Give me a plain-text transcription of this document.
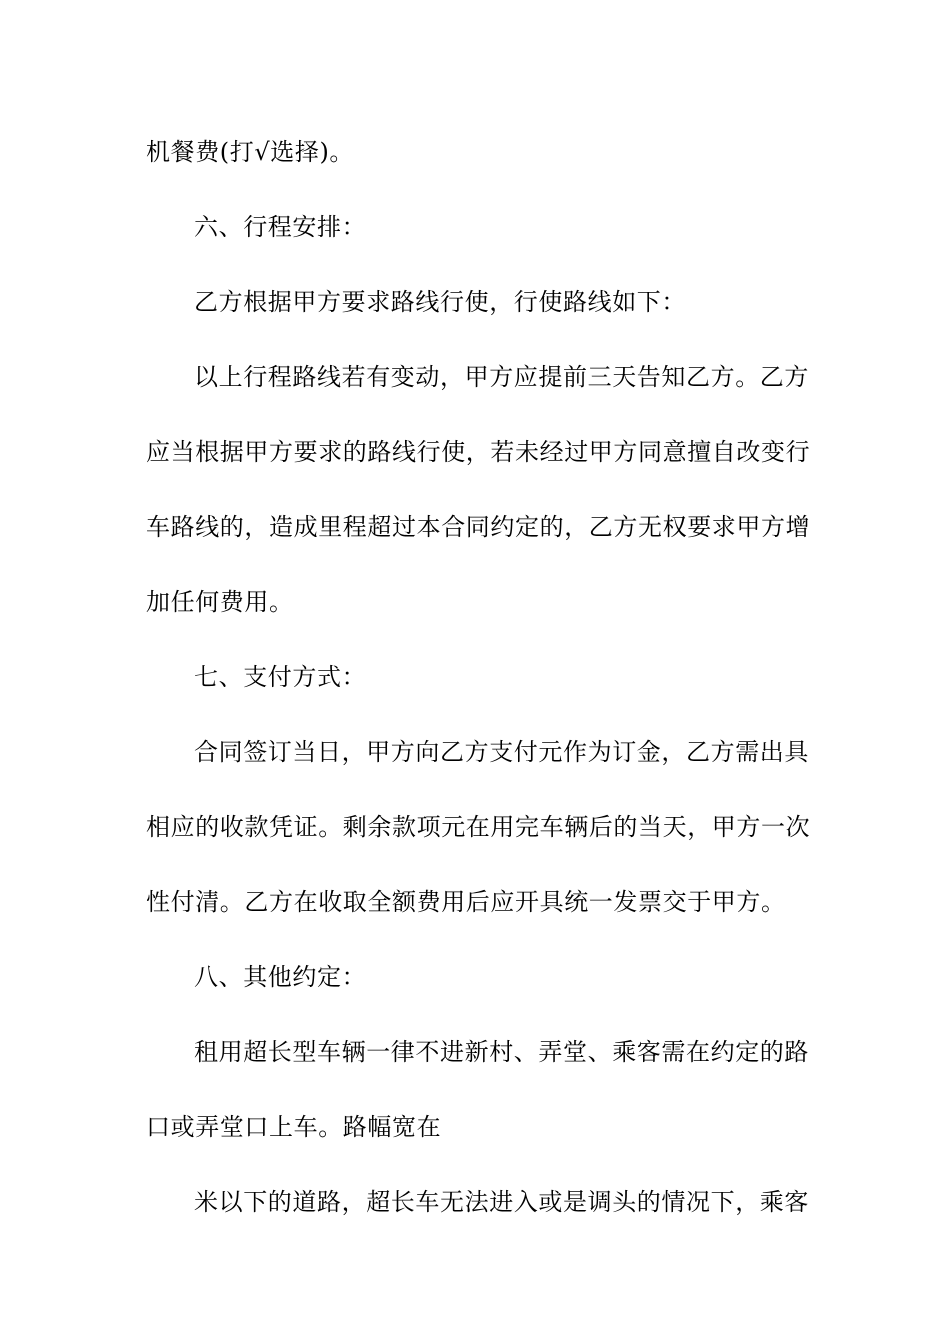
机餐费(打√选择)。
六、行程安排：
乙方根据甲方要求路线行使，行使路线如下：
以上行程路线若有变动，甲方应提前三天告知乙方。乙方
应当根据甲方要求的路线行使，若未经过甲方同意擅自改变行
车路线的，造成里程超过本合同约定的，乙方无权要求甲方增
加任何费用。
七、支付方式：
合同签订当日，甲方向乙方支付元作为订金，乙方需出具
相应的收款凭证。剩余款项元在用完车辆后的当天，甲方一次
性付清。乙方在收取全额费用后应开具统一发票交于甲方。
八、其他约定：
租用超长型车辆一律不进新村、弄堂、乘客需在约定的路
口或弄堂口上车。路幅宽在
米以下的道路，超长车无法进入或是调头的情况下，乘客
